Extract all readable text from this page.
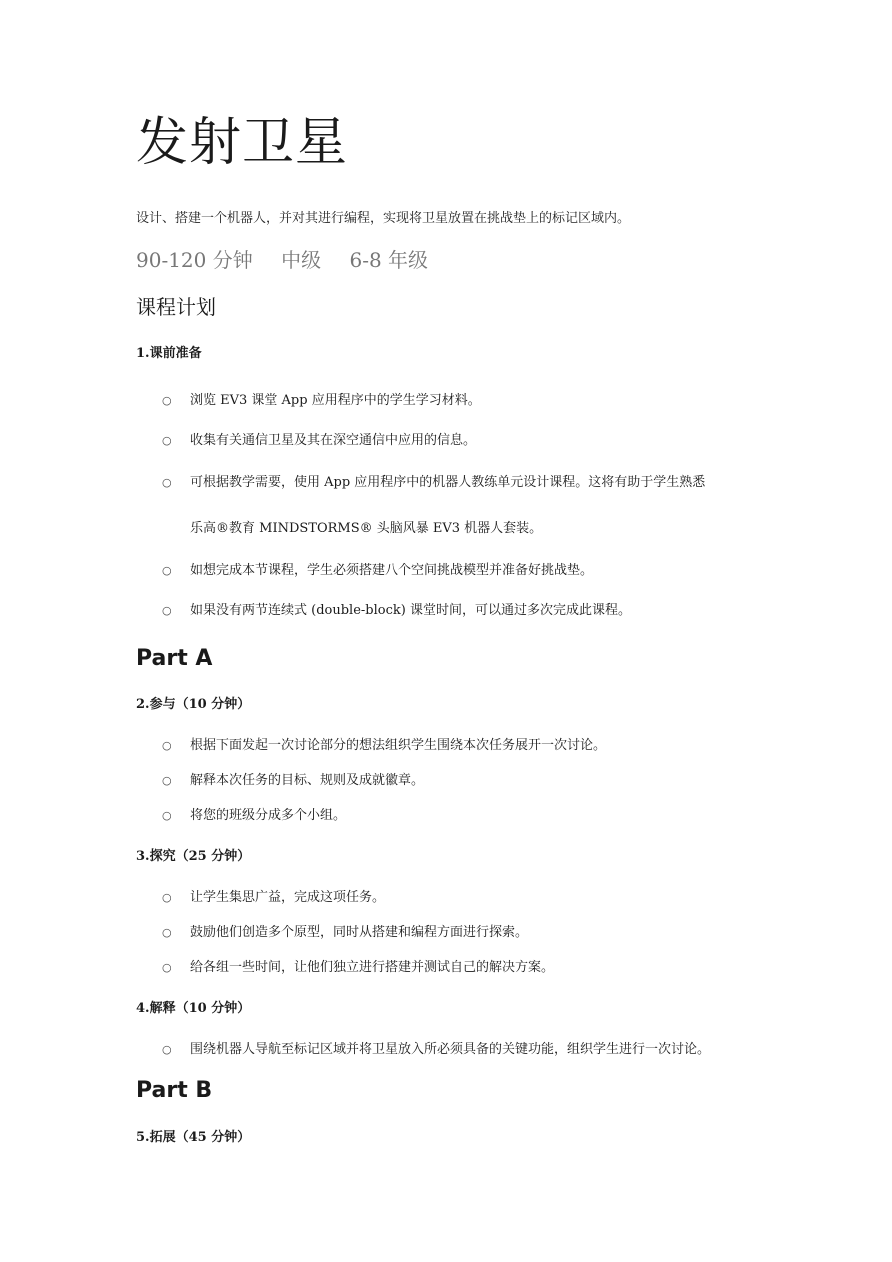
发射卫星
设计、搭建一个机器人，并对其进行编程，实现将卫星放置在挑战垫上的标记区域内。
90-120 分钟 中级 6-8 年级
课程计划
1.课前准备
○ 浏览 EV3 课堂 App 应用程序中的学生学习材料。
○ 收集有关通信卫星及其在深空通信中应用的信息。
○ 可根据教学需要，使用 App 应用程序中的机器人教练单元设计课程。这将有助于学生熟悉
乐高®教育 MINDSTORMS® 头脑风暴 EV3 机器人套装。
○ 如想完成本节课程，学生必须搭建八个空间挑战模型并准备好挑战垫。
○ 如果没有两节连续式 (double-block) 课堂时间，可以通过多次完成此课程。
Part A
2.参与（10 分钟）
○ 根据下面发起一次讨论部分的想法组织学生围绕本次任务展开一次讨论。
○ 解释本次任务的目标、规则及成就徽章。
○ 将您的班级分成多个小组。
3.探究（25 分钟）
○ 让学生集思广益，完成这项任务。
○ 鼓励他们创造多个原型，同时从搭建和编程方面进行探索。
○ 给各组一些时间，让他们独立进行搭建并测试自己的解决方案。
4.解释（10 分钟）
○ 围绕机器人导航至标记区域并将卫星放入所必须具备的关键功能，组织学生进行一次讨论。
Part B
5.拓展（45 分钟）
